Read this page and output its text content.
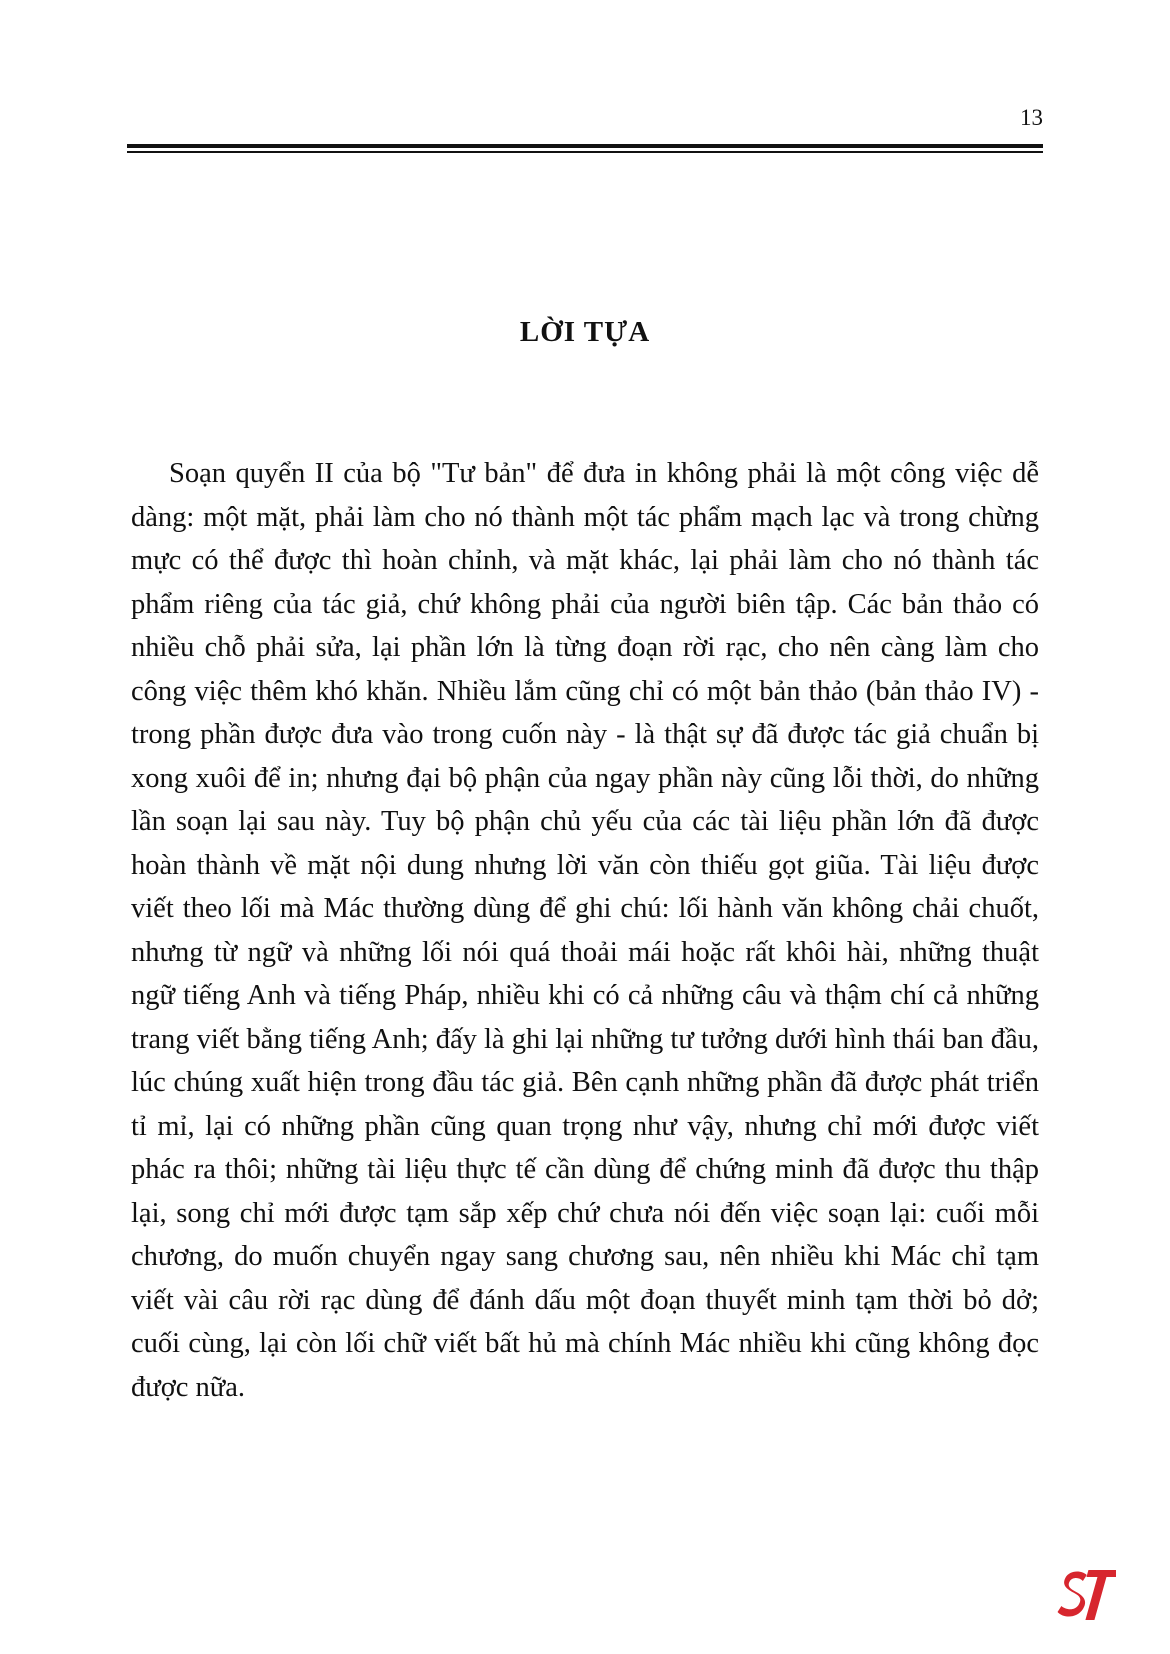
13
LỜI TỰA

Soạn quyển II của bộ "Tư bản" để đưa in không phải là một công việc dễ dàng: một mặt, phải làm cho nó thành một tác phẩm mạch lạc và trong chừng mực có thể được thì hoàn chỉnh, và mặt khác, lại phải làm cho nó thành tác phẩm riêng của tác giả, chứ không phải của người biên tập. Các bản thảo có nhiều chỗ phải sửa, lại phần lớn là từng đoạn rời rạc, cho nên càng làm cho công việc thêm khó khăn. Nhiều lắm cũng chỉ có một bản thảo (bản thảo IV) - trong phần được đưa vào trong cuốn này - là thật sự đã được tác giả chuẩn bị xong xuôi để in; nhưng đại bộ phận của ngay phần này cũng lỗi thời, do những lần soạn lại sau này. Tuy bộ phận chủ yếu của các tài liệu phần lớn đã được hoàn thành về mặt nội dung nhưng lời văn còn thiếu gọt giũa. Tài liệu được viết theo lối mà Mác thường dùng để ghi chú: lối hành văn không chải chuốt, nhưng từ ngữ và những lối nói quá thoải mái hoặc rất khôi hài, những thuật ngữ tiếng Anh và tiếng Pháp, nhiều khi có cả những câu và thậm chí cả những trang viết bằng tiếng Anh; đấy là ghi lại những tư tưởng dưới hình thái ban đầu, lúc chúng xuất hiện trong đầu tác giả. Bên cạnh những phần đã được phát triển tỉ mỉ, lại có những phần cũng quan trọng như vậy, nhưng chỉ mới được viết phác ra thôi; những tài liệu thực tế cần dùng để chứng minh đã được thu thập lại, song chỉ mới được tạm sắp xếp chứ chưa nói đến việc soạn lại: cuối mỗi chương, do muốn chuyển ngay sang chương sau, nên nhiều khi Mác chỉ tạm viết vài câu rời rạc dùng để đánh dấu một đoạn thuyết minh tạm thời bỏ dở; cuối cùng, lại còn lối chữ viết bất hủ mà chính Mác nhiều khi cũng không đọc được nữa.

ST
